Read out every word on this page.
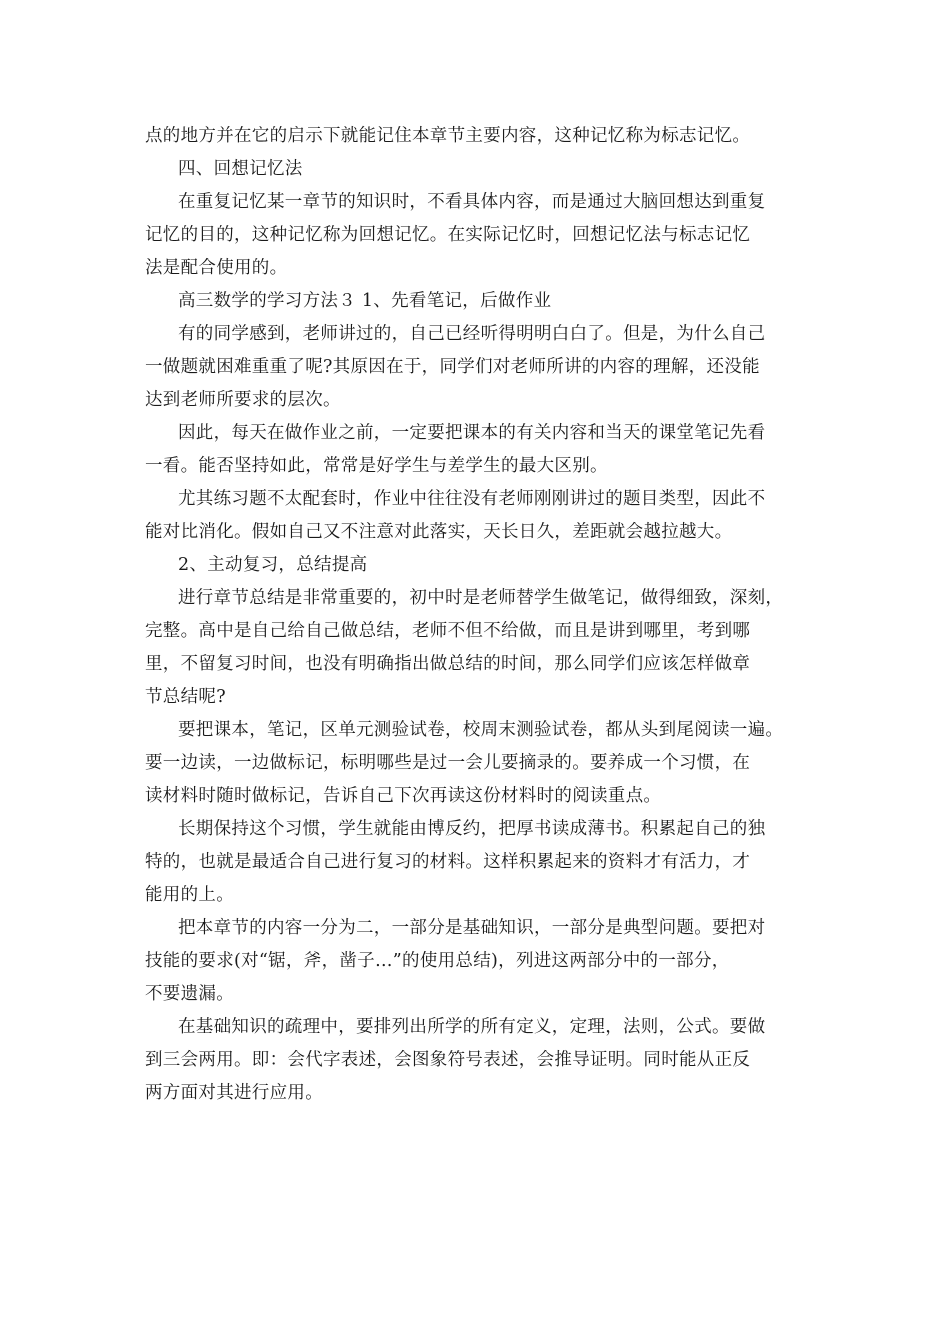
点的地方并在它的启示下就能记住本章节主要内容，这种记忆称为标志记忆。
四、回想记忆法
在重复记忆某一章节的知识时，不看具体内容，而是通过大脑回想达到重复
记忆的目的，这种记忆称为回想记忆。在实际记忆时，回想记忆法与标志记忆
法是配合使用的。
高三数学的学习方法３ 1、先看笔记，后做作业
有的同学感到，老师讲过的，自己已经听得明明白白了。但是，为什么自己
一做题就困难重重了呢?其原因在于，同学们对老师所讲的内容的理解，还没能
达到老师所要求的层次。
因此，每天在做作业之前，一定要把课本的有关内容和当天的课堂笔记先看
一看。能否坚持如此，常常是好学生与差学生的最大区别。
尤其练习题不太配套时，作业中往往没有老师刚刚讲过的题目类型，因此不
能对比消化。假如自己又不注意对此落实，天长日久，差距就会越拉越大。
2、主动复习，总结提高
进行章节总结是非常重要的，初中时是老师替学生做笔记，做得细致，深刻，
完整。高中是自己给自己做总结，老师不但不给做，而且是讲到哪里，考到哪
里，不留复习时间，也没有明确指出做总结的时间，那么同学们应该怎样做章
节总结呢?
要把课本，笔记，区单元测验试卷，校周末测验试卷，都从头到尾阅读一遍。
要一边读，一边做标记，标明哪些是过一会儿要摘录的。要养成一个习惯，在
读材料时随时做标记，告诉自己下次再读这份材料时的阅读重点。
长期保持这个习惯，学生就能由博反约，把厚书读成薄书。积累起自己的独
特的，也就是最适合自己进行复习的材料。这样积累起来的资料才有活力，才
能用的上。
把本章节的内容一分为二，一部分是基础知识，一部分是典型问题。要把对
技能的要求(对“锯，斧，凿子…”的使用总结)，列进这两部分中的一部分，
不要遗漏。
在基础知识的疏理中，要排列出所学的所有定义，定理，法则，公式。要做
到三会两用。即：会代字表述，会图象符号表述，会推导证明。同时能从正反
两方面对其进行应用。
